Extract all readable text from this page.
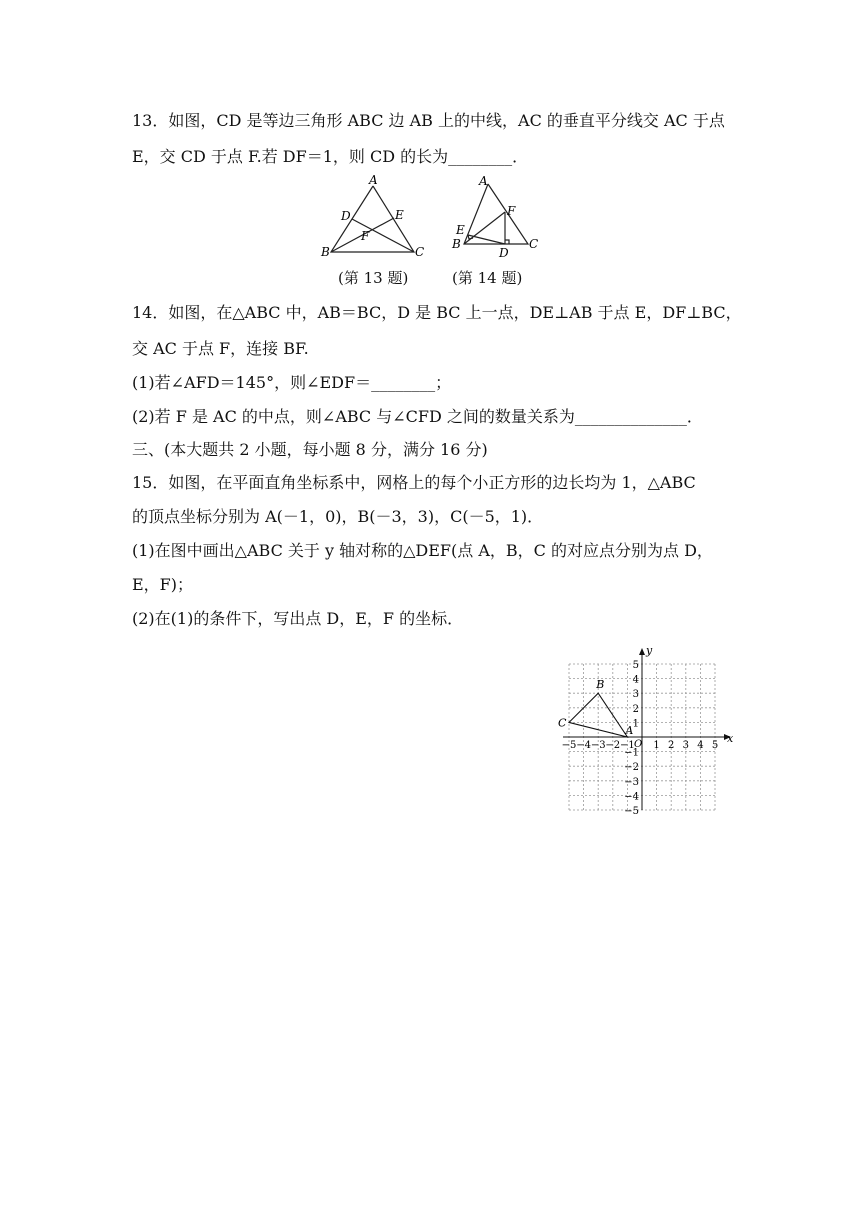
13．如图，CD 是等边三角形 ABC 边 AB 上的中线，AC 的垂直平分线交 AC 于点
E，交 CD 于点 F.若 DF＝1，则 CD 的长为________．
A
B	C
D	E
F
A
B	C
D
E
F
(第 13 题)	(第 14 题)
14．如图，在△ABC 中，AB＝BC，D 是 BC 上一点，DE⊥AB 于点 E，DF⊥BC，
交 AC 于点 F，连接 BF.
(1)若∠AFD＝145°，则∠EDF＝________；
(2)若 F 是 AC 的中点，则∠ABC 与∠CFD 之间的数量关系为______________．
三、(本大题共 2 小题，每小题 8 分，满分 16 分)
15．如图，在平面直角坐标系中，网格上的每个小正方形的边长均为 1，△ABC
的顶点坐标分别为 A(－1，0)，B(－3，3)，C(－5，1)．
(1)在图中画出△ABC 关于 y 轴对称的△DEF(点 A，B，C 的对应点分别为点 D，
E，F)；
(2)在(1)的条件下，写出点 D，E，F 的坐标．
x
y
O
−5 −4 −3 −2 −1 1 2 3 4 5
5
4
3
2
1
−1
−2
−3
−4
−5
A
B
C
